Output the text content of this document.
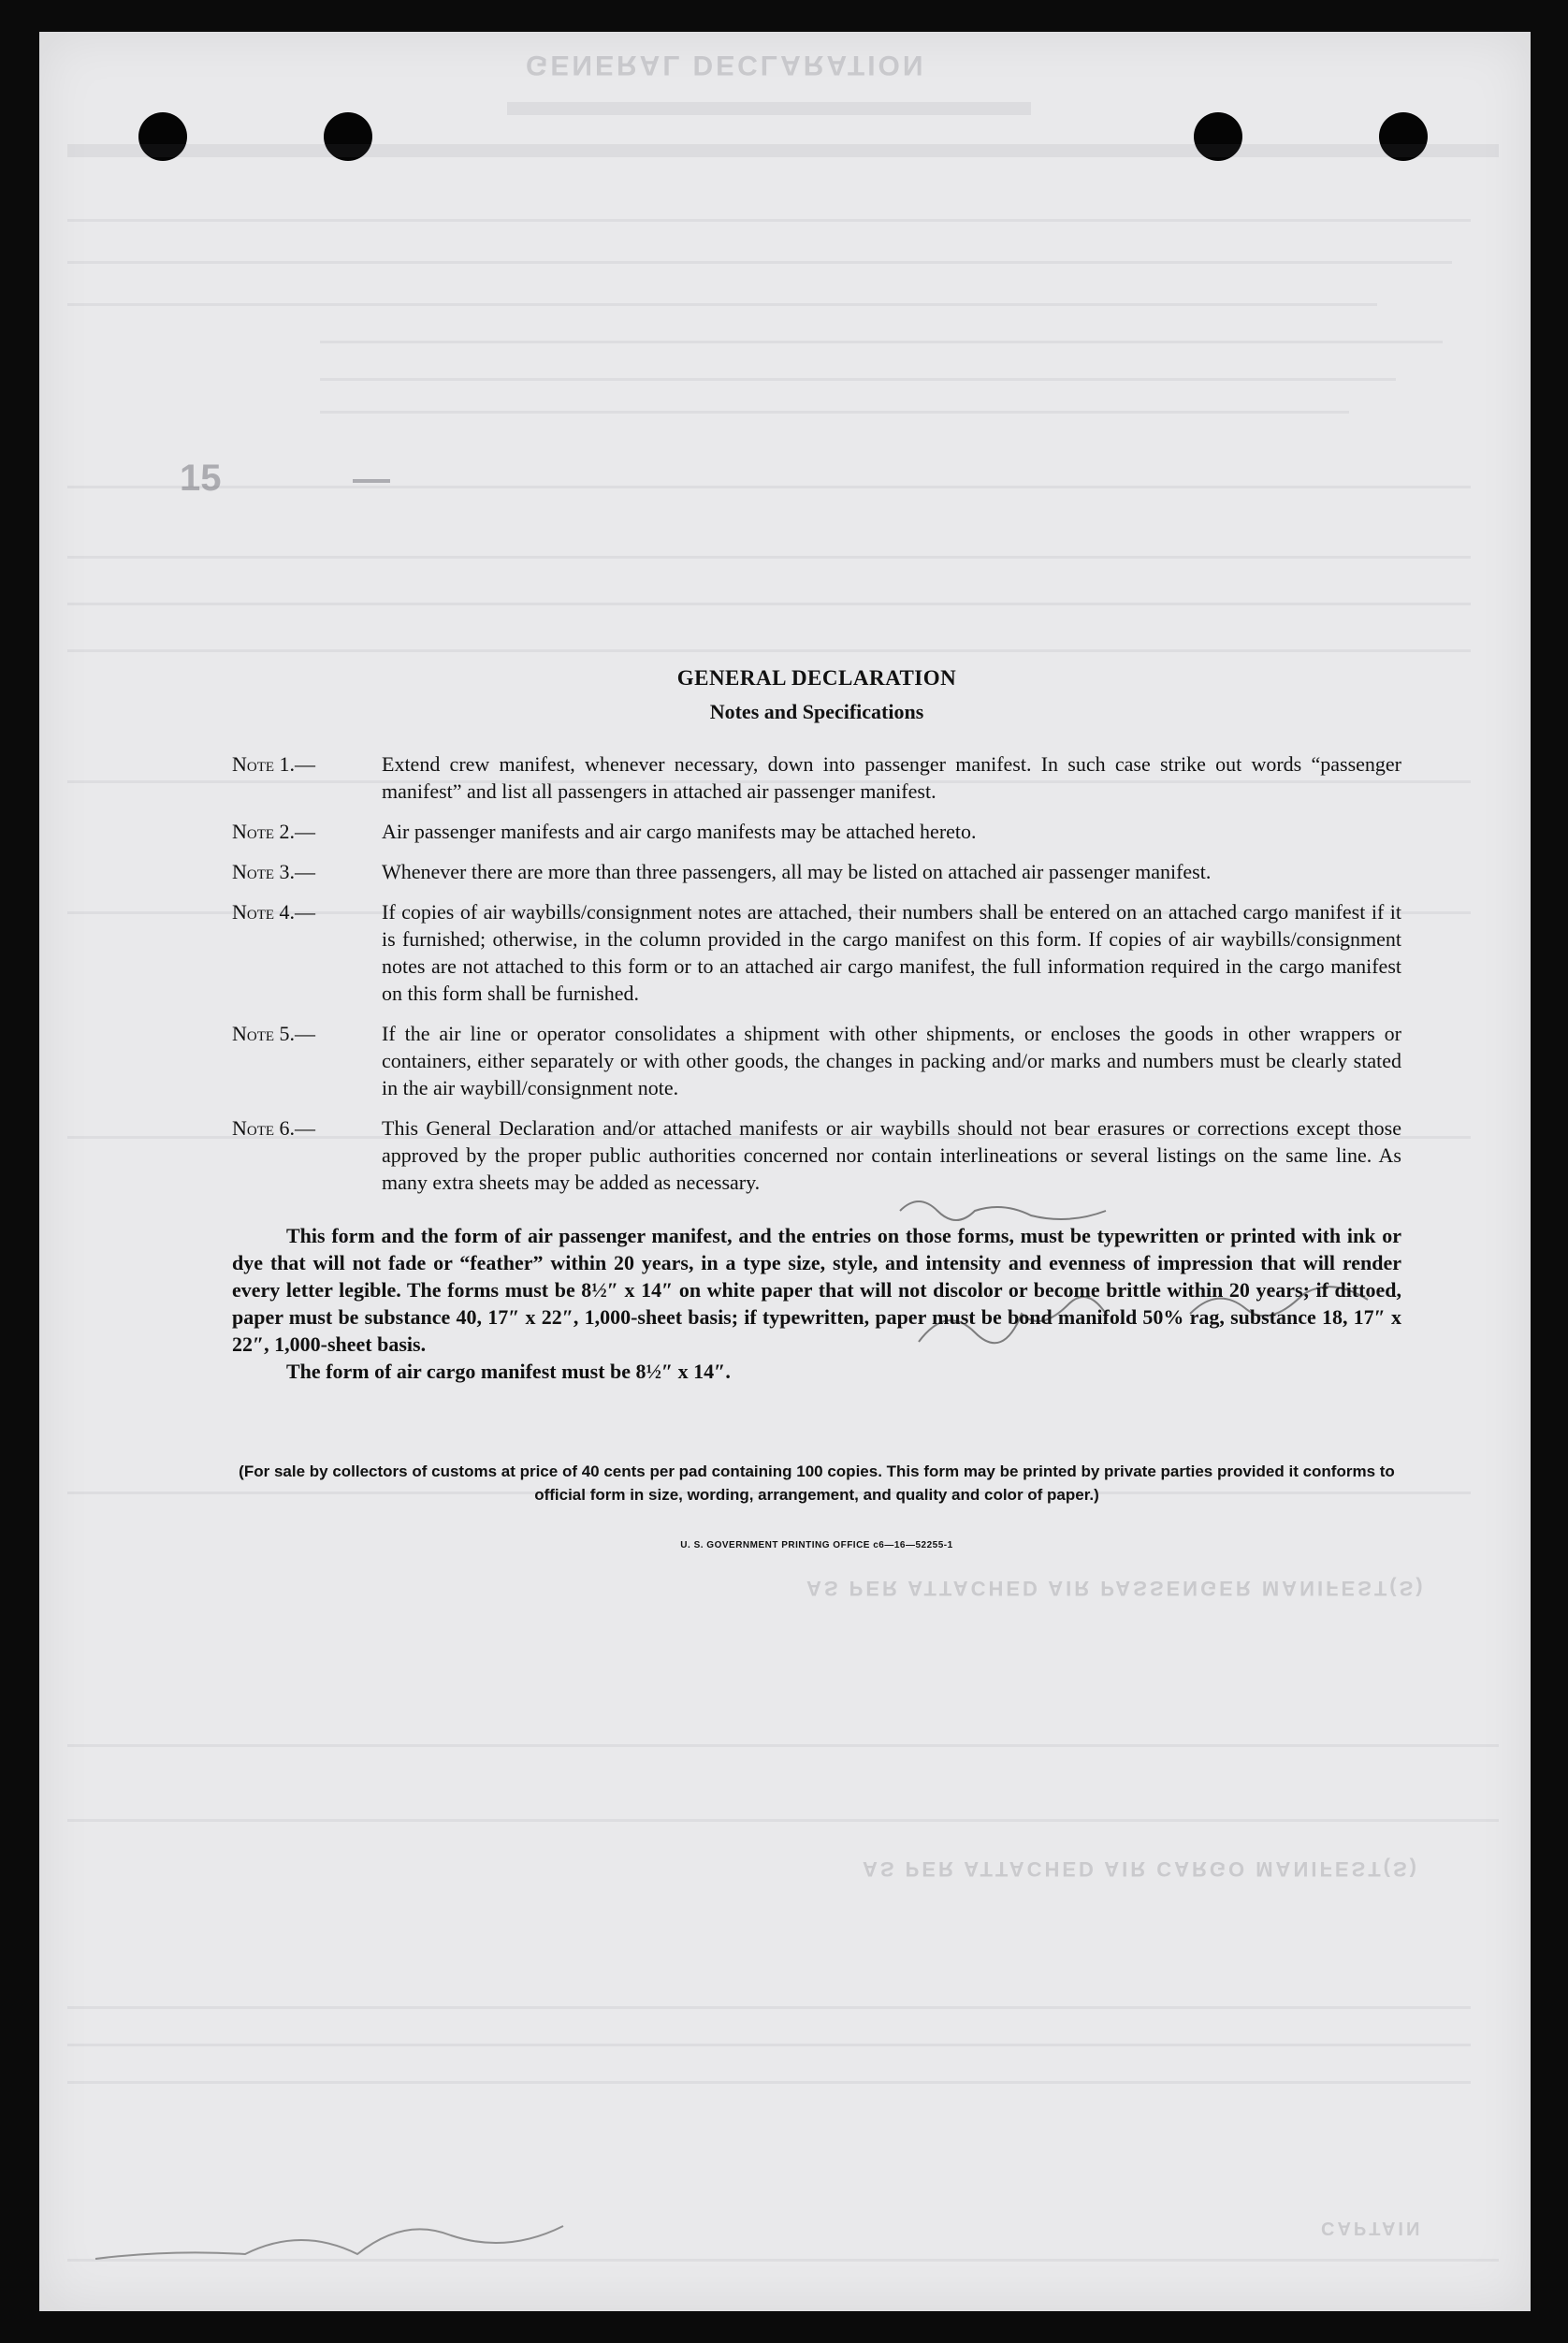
GENERAL DECLARATION
AS PER ATTACHED AIR PASSENGER MANIFEST(S)
AS PER ATTACHED AIR CARGO MANIFEST(S)
CAPTAIN
15
GENERAL DECLARATION
Notes and Specifications
Note 1.—	Extend crew manifest, whenever necessary, down into passenger manifest. In such case strike out words “passenger manifest” and list all passengers in attached air passenger manifest.
Note 2.—	Air passenger manifests and air cargo manifests may be attached hereto.
Note 3.—	Whenever there are more than three passengers, all may be listed on attached air passenger manifest.
Note 4.—	If copies of air waybills/consignment notes are attached, their numbers shall be entered on an attached cargo manifest if it is furnished; otherwise, in the column provided in the cargo manifest on this form. If copies of air waybills/consignment notes are not attached to this form or to an attached air cargo manifest, the full information required in the cargo manifest on this form shall be furnished.
Note 5.—	If the air line or operator consolidates a shipment with other shipments, or encloses the goods in other wrappers or containers, either separately or with other goods, the changes in packing and/or marks and numbers must be clearly stated in the air waybill/consignment note.
Note 6.—	This General Declaration and/or attached manifests or air waybills should not bear erasures or corrections except those approved by the proper public authorities concerned nor contain interlineations or several listings on the same line. As many extra sheets may be added as necessary.
This form and the form of air passenger manifest, and the entries on those forms, must be typewritten or printed with ink or dye that will not fade or “feather” within 20 years, in a type size, style, and intensity and evenness of impression that will render every letter legible. The forms must be 8½″ x 14″ on white paper that will not discolor or become brittle within 20 years; if dittoed, paper must be substance 40, 17″ x 22″, 1,000-sheet basis; if typewritten, paper must be bond manifold 50% rag, substance 18, 17″ x 22″, 1,000-sheet basis.
The form of air cargo manifest must be 8½″ x 14″.
(For sale by collectors of customs at price of 40 cents per pad containing 100 copies. This form may be printed by private parties provided it conforms to official form in size, wording, arrangement, and quality and color of paper.)
U. S. GOVERNMENT PRINTING OFFICE c6—16—52255-1
